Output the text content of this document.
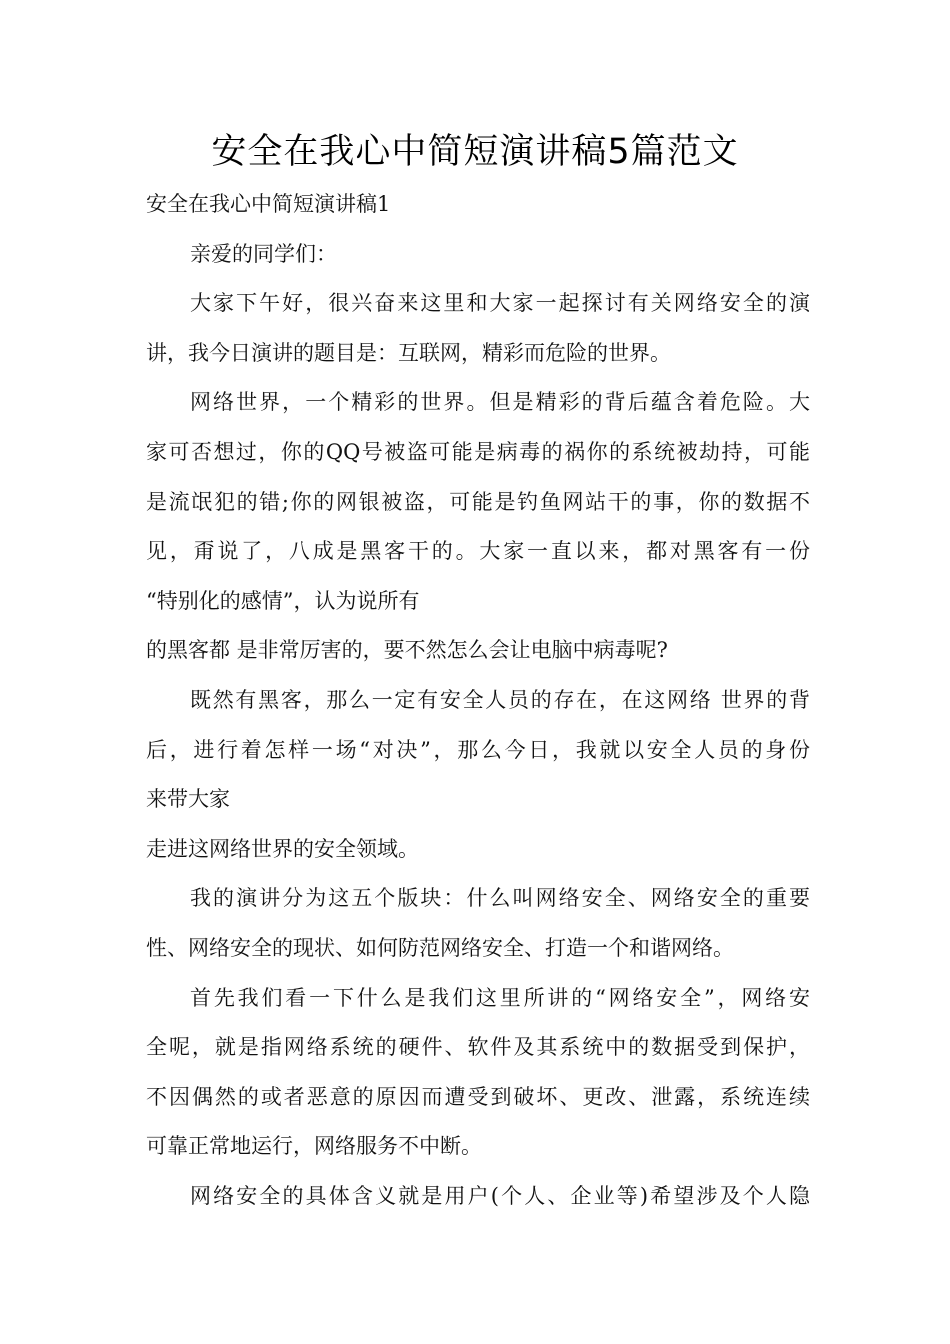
安全在我心中简短演讲稿5篇范文
安全在我心中简短演讲稿1
亲爱的同学们：
大家下午好，很兴奋来这里和大家一起探讨有关网络安全的演
讲，我今日演讲的题目是：互联网，精彩而危险的世界。
网络世界，一个精彩的世界。但是精彩的背后蕴含着危险。大
家可否想过，你的QQ号被盗可能是病毒的祸你的系统被劫持，可能
是流氓犯的错;你的网银被盗，可能是钓鱼网站干的事，你的数据不
见，甭说了，八成是黑客干的。大家一直以来，都对黑客有一份
“特别化的感情”，认为说所有
的黑客都 是非常厉害的，要不然怎么会让电脑中病毒呢?
既然有黑客，那么一定有安全人员的存在，在这网络 世界的背
后，进行着怎样一场“对决”，那么今日，我就以安全人员的身份
来带大家
走进这网络世界的安全领域。
我的演讲分为这五个版块：什么叫网络安全、网络安全的重要
性、网络安全的现状、如何防范网络安全、打造一个和谐网络。
首先我们看一下什么是我们这里所讲的“网络安全”，网络安
全呢，就是指网络系统的硬件、软件及其系统中的数据受到保护，
不因偶然的或者恶意的原因而遭受到破坏、更改、泄露，系统连续
可靠正常地运行，网络服务不中断。
网络安全的具体含义就是用户(个人、企业等)希望涉及个人隐
